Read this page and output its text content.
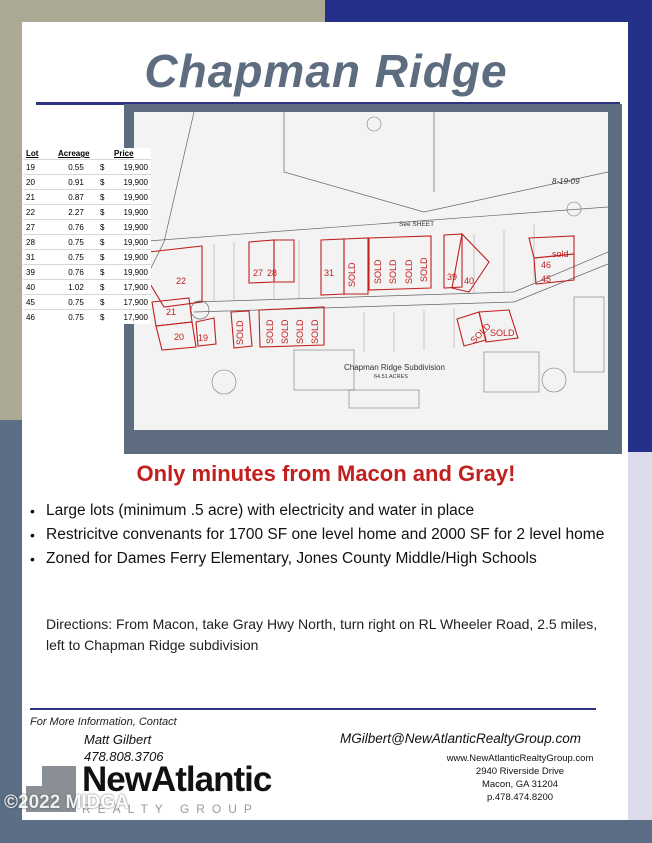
Chapman Ridge
22
21
20 19
27 28	31	39 40
46
45
sold
SOLD SOLD SOLD SOLD SOLD
SOLD SOLD SOLD SOLD SOLD	SOLD
SOLD
See SHEET
Chapman Ridge Subdivision
64.51 ACRES
8-19-09
Lot	Acreage		Price
19	0.55	$	19,900
20	0.91	$	19,900
21	0.87	$	19,900
22	2.27	$	19,900
27	0.76	$	19,900
28	0.75	$	19,900
31	0.75	$	19,900
39	0.76	$	19,900
40	1.02	$	17,900
45	0.75	$	17,900
46	0.75	$	17,900
Only minutes from Macon and Gray!
• Large lots (minimum .5 acre) with electricity and water in place
• Restricitve convenants for 1700 SF one level home and 2000 SF for 2 level home
• Zoned for Dames Ferry Elementary, Jones County Middle/High Schools

Directions: From Macon, take Gray Hwy North, turn right on RL Wheeler Road, 2.5 miles, left to Chapman Ridge subdivision

For More Information, Contact
Matt Gilbert
478.808.3706
MGilbert@NewAtlanticRealtyGroup.com
www.NewAtlanticRealtyGroup.com
2940 Riverside Drive
Macon, GA 31204
p.478.474.8200
NewAtlantic
REALTY GROUP
©2022 MIDGA
